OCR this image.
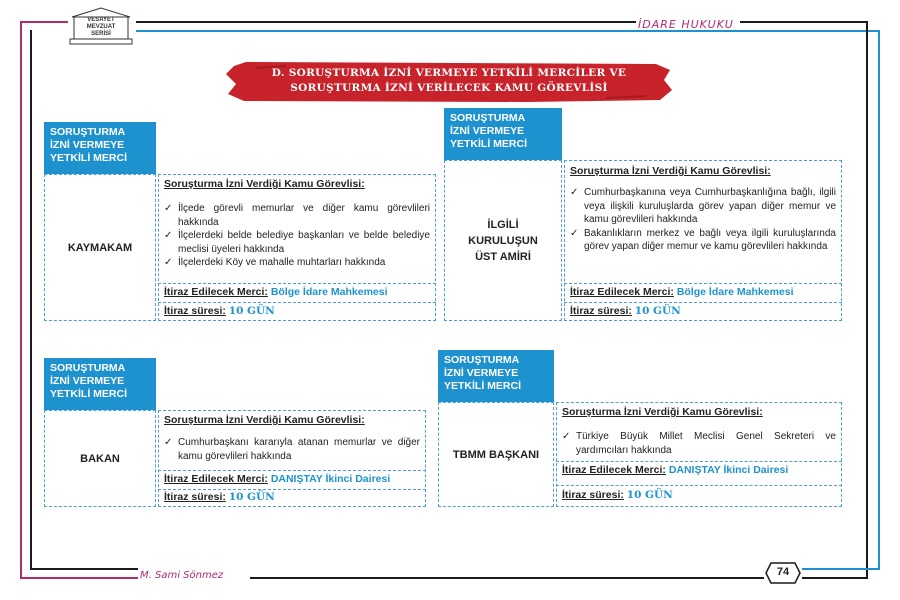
VESAYET
MEVZUAT
SERİSİ
İDARE HUKUKU
D. SORUŞTURMA İZNİ VERMEYE YETKİLİ MERCİLER VE
SORUŞTURMA İZNİ VERİLECEK KAMU GÖREVLİSİ
SORUŞTURMA
İZNİ VERMEYE
YETKİLİ MERCİ
KAYMAKAM
Soruşturma İzni Verdiği Kamu Görevlisi:
✓ İlçede görevli memurlar ve diğer kamu görevlileri hakkında
✓ İlçelerdeki belde belediye başkanları ve belde belediye meclisi üyeleri hakkında
✓ İlçelerdeki Köy ve mahalle muhtarları hakkında
İtiraz Edilecek Merci: Bölge İdare Mahkemesi
İtiraz süresi: 10 GÜN
SORUŞTURMA
İZNİ VERMEYE
YETKİLİ MERCİ
İLGİLİ
KURULUŞUN
ÜST AMİRİ
Soruşturma İzni Verdiği Kamu Görevlisi:
✓ Cumhurbaşkanına veya Cumhurbaşkanlığına bağlı, ilgili veya ilişkili kuruluşlarda görev yapan diğer memur ve kamu görevlileri hakkında
✓ Bakanlıkların merkez ve bağlı veya ilgili kuruluşlarında görev yapan diğer memur ve kamu görevlileri hakkında
İtiraz Edilecek Merci: Bölge İdare Mahkemesi
İtiraz süresi: 10 GÜN
SORUŞTURMA
İZNİ VERMEYE
YETKİLİ MERCİ
BAKAN
Soruşturma İzni Verdiği Kamu Görevlisi:
✓ Cumhurbaşkanı kararıyla atanan memurlar ve diğer kamu görevlileri hakkında
İtiraz Edilecek Merci: DANIŞTAY İkinci Dairesi
İtiraz süresi: 10 GÜN
SORUŞTURMA
İZNİ VERMEYE
YETKİLİ MERCİ
TBMM BAŞKANI
Soruşturma İzni Verdiği Kamu Görevlisi:
✓ Türkiye Büyük Millet Meclisi Genel Sekreteri ve yardımcıları hakkında
İtiraz Edilecek Merci: DANIŞTAY İkinci Dairesi
İtiraz süresi: 10 GÜN
M. Sami Sönmez	74
